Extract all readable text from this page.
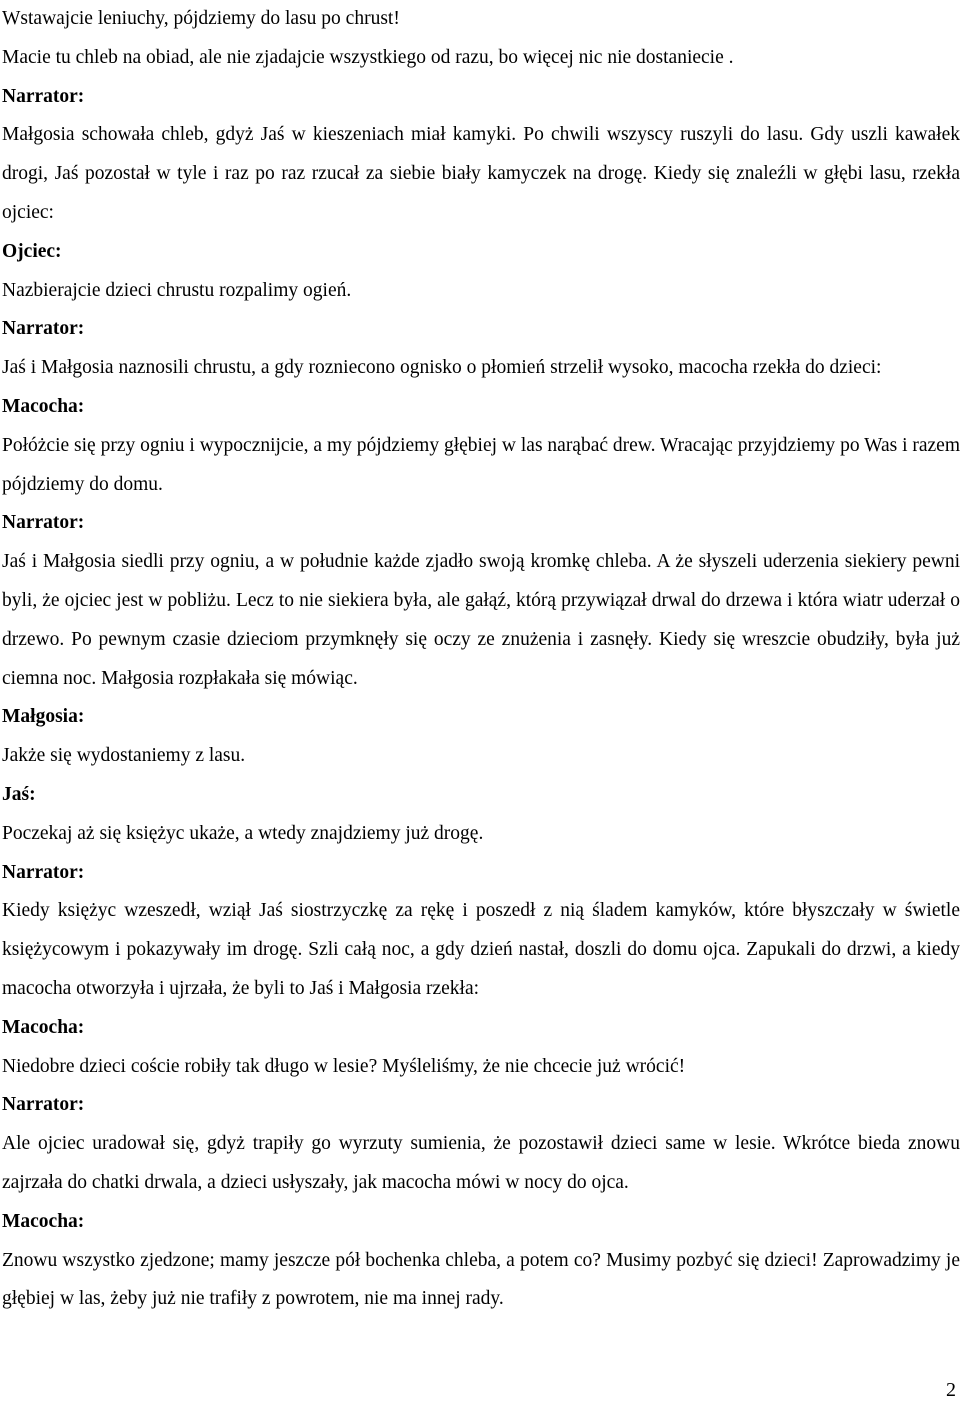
Wstawajcie leniuchy, pójdziemy do lasu po chrust!

Macie tu chleb na obiad, ale nie zjadajcie wszystkiego od razu, bo więcej nic nie dostaniecie .

Narrator:

Małgosia schowała chleb, gdyż Jaś w kieszeniach miał kamyki. Po chwili wszyscy ruszyli do lasu. Gdy uszli kawałek drogi, Jaś pozostał w tyle i raz po raz rzucał za siebie biały kamyczek na drogę. Kiedy się znaleźli w głębi lasu, rzekła ojciec:

Ojciec:

Nazbierajcie dzieci chrustu rozpalimy ogień.

Narrator:

Jaś i Małgosia naznosili chrustu, a gdy rozniecono ognisko o płomień strzelił wysoko, macocha rzekła do dzieci:

Macocha:

Połóżcie się przy ogniu i wypocznijcie, a my pójdziemy głębiej w las narąbać drew. Wracając przyjdziemy po Was i razem pójdziemy do domu.

Narrator:

Jaś i Małgosia siedli przy ogniu, a w południe każde zjadło swoją kromkę chleba. A że słyszeli uderzenia siekiery pewni byli, że ojciec jest w pobliżu. Lecz to nie siekiera była, ale gałąź, którą przywiązał drwal do drzewa i która wiatr uderzał o drzewo. Po pewnym czasie dzieciom przymknęły się oczy ze znużenia i zasnęły. Kiedy się wreszcie obudziły, była już ciemna noc. Małgosia rozpłakała się mówiąc.

Małgosia:

Jakże się wydostaniemy z lasu.

Jaś:

Poczekaj aż się księżyc ukaże, a wtedy znajdziemy już drogę.

Narrator:

Kiedy księżyc wzeszedł, wziął Jaś siostrzyczkę za rękę i poszedł z nią śladem kamyków, które błyszczały w świetle księżycowym i pokazywały im drogę. Szli całą noc, a gdy dzień nastał, doszli do domu ojca. Zapukali do drzwi, a kiedy macocha otworzyła i ujrzała, że byli to Jaś i Małgosia rzekła:

Macocha:

Niedobre dzieci coście robiły tak długo w lesie? Myśleliśmy, że nie chcecie już wrócić!

Narrator:

Ale ojciec uradował się, gdyż trapiły go wyrzuty sumienia, że pozostawił dzieci same w lesie. Wkrótce bieda znowu zajrzała do chatki drwala, a dzieci usłyszały, jak macocha mówi w nocy do ojca.

Macocha:

Znowu wszystko zjedzone; mamy jeszcze pół bochenka chleba, a potem co? Musimy pozbyć się dzieci! Zaprowadzimy je głębiej w las, żeby już nie trafiły z powrotem, nie ma innej rady.

2
